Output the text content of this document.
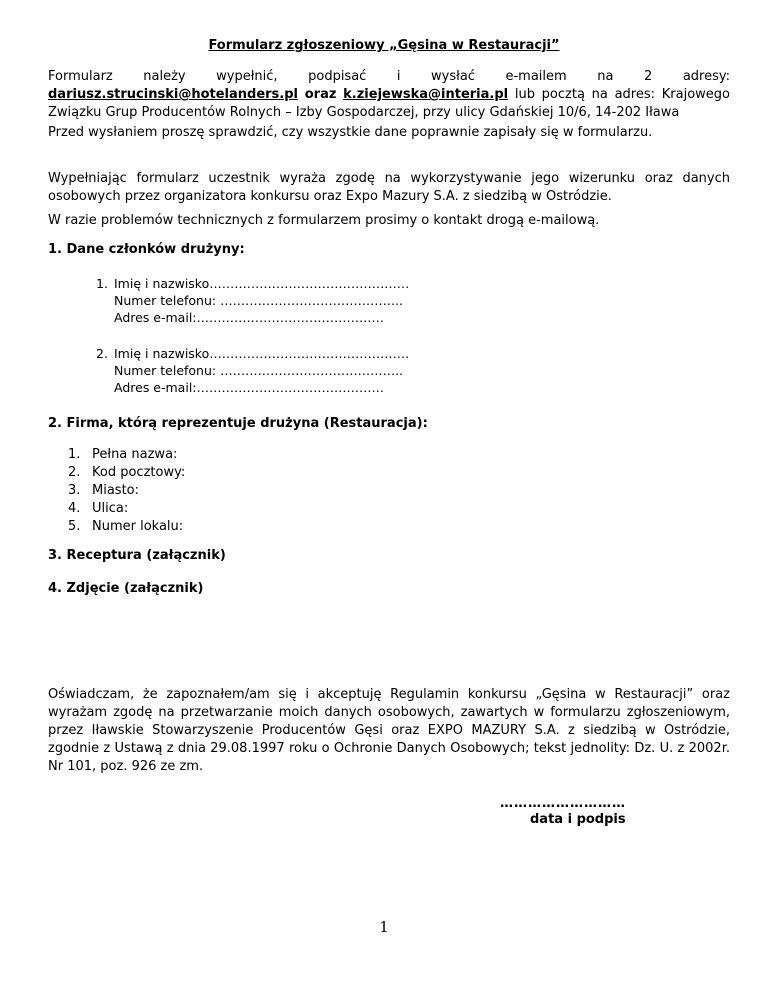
Formularz zgłoszeniowy „Gęsina w Restauracji”
Formularz należy wypełnić, podpisać i wysłać e-mailem na 2 adresy:
dariusz.strucinski@hotelanders.pl oraz k.ziejewska@interia.pl lub pocztą na adres: Krajowego
Związku Grup Producentów Rolnych – Izby Gospodarczej, przy ulicy Gdańskiej 10/6, 14-202 Iława

Przed wysłaniem proszę sprawdzić, czy wszystkie dane poprawnie zapisały się w formularzu.

Wypełniając formularz uczestnik wyraża zgodę na wykorzystywanie jego wizerunku oraz danych osobowych przez organizatora konkursu oraz Expo Mazury S.A. z siedzibą w Ostródzie.

W razie problemów technicznych z formularzem prosimy o kontakt drogą e-mailową.

1. Dane członków drużyny:
1. Imię i nazwisko…………………………………………
Numer telefonu: ……………………………………..
Adres e-mail:………………………………………
2. Imię i nazwisko…………………………………………
Numer telefonu: ……………………………………..
Adres e-mail:………………………………………
2. Firma, którą reprezentuje drużyna (Restauracja):
1. Pełna nazwa:
2. Kod pocztowy:
3. Miasto:
4. Ulica:
5. Numer lokalu:
3. Receptura (załącznik)
4. Zdjęcie (załącznik)

Oświadczam, że zapoznałem/am się i akceptuję Regulamin konkursu „Gęsina w Restauracji” oraz wyrażam zgodę na przetwarzanie moich danych osobowych, zawartych w formularzu zgłoszeniowym, przez Iławskie Stowarzyszenie Producentów Gęsi oraz EXPO MAZURY S.A. z siedzibą w Ostródzie, zgodnie z Ustawą z dnia 29.08.1997 roku o Ochronie Danych Osobowych; tekst jednolity: Dz. U. z 2002r. Nr 101, poz. 926 ze zm.

………………………
data i podpis
1
